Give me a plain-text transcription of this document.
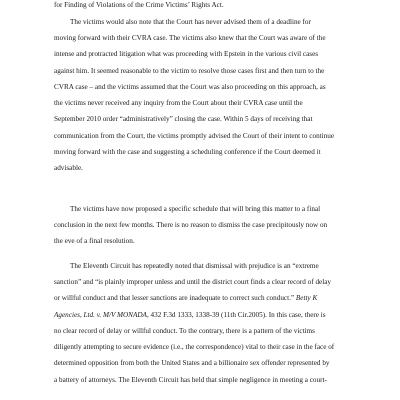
for Finding of Violations of the Crime Victims’ Rights Act.
The victims would also note that the Court has never advised them of a deadline for
moving forward with their CVRA case. The victims also knew that the Court was aware of the
intense and protracted litigation what was proceeding with Epstein in the various civil cases
against him. It seemed reasonable to the victim to resolve those cases first and then turn to the
CVRA case – and the victims assumed that the Court was also proceeding on this approach, as
the victims never received any inquiry from the Court about their CVRA case until the
September 2010 order “administratively” closing the case. Within 5 days of receiving that
communication from the Court, the victims promptly advised the Court of their intent to continue
moving forward with the case and suggesting a scheduling conference if the Court deemed it
advisable.
The victims have now proposed a specific schedule that will bring this matter to a final
conclusion in the next few months. There is no reason to dismiss the case precipitously now on
the eve of a final resolution.
The Eleventh Circuit has repeatedly noted that dismissal with prejudice is an “extreme
sanction” and “is plainly improper unless and until the district court finds a clear record of delay
or willful conduct and that lesser sanctions are inadequate to correct such conduct.” Betty K
Agencies, Ltd. v. M/V MONADA, 432 F.3d 1333, 1338-39 (11th Cir.2005). In this case, there is
no clear record of delay or willful conduct. To the contrary, there is a pattern of the victims
diligently attempting to secure evidence (i.e., the correspondence) vital to their case in the face of
determined opposition from both the United States and a billionaire sex offender represented by
a battery of attorneys. The Eleventh Circuit has held that simple negligence in meeting a court-
